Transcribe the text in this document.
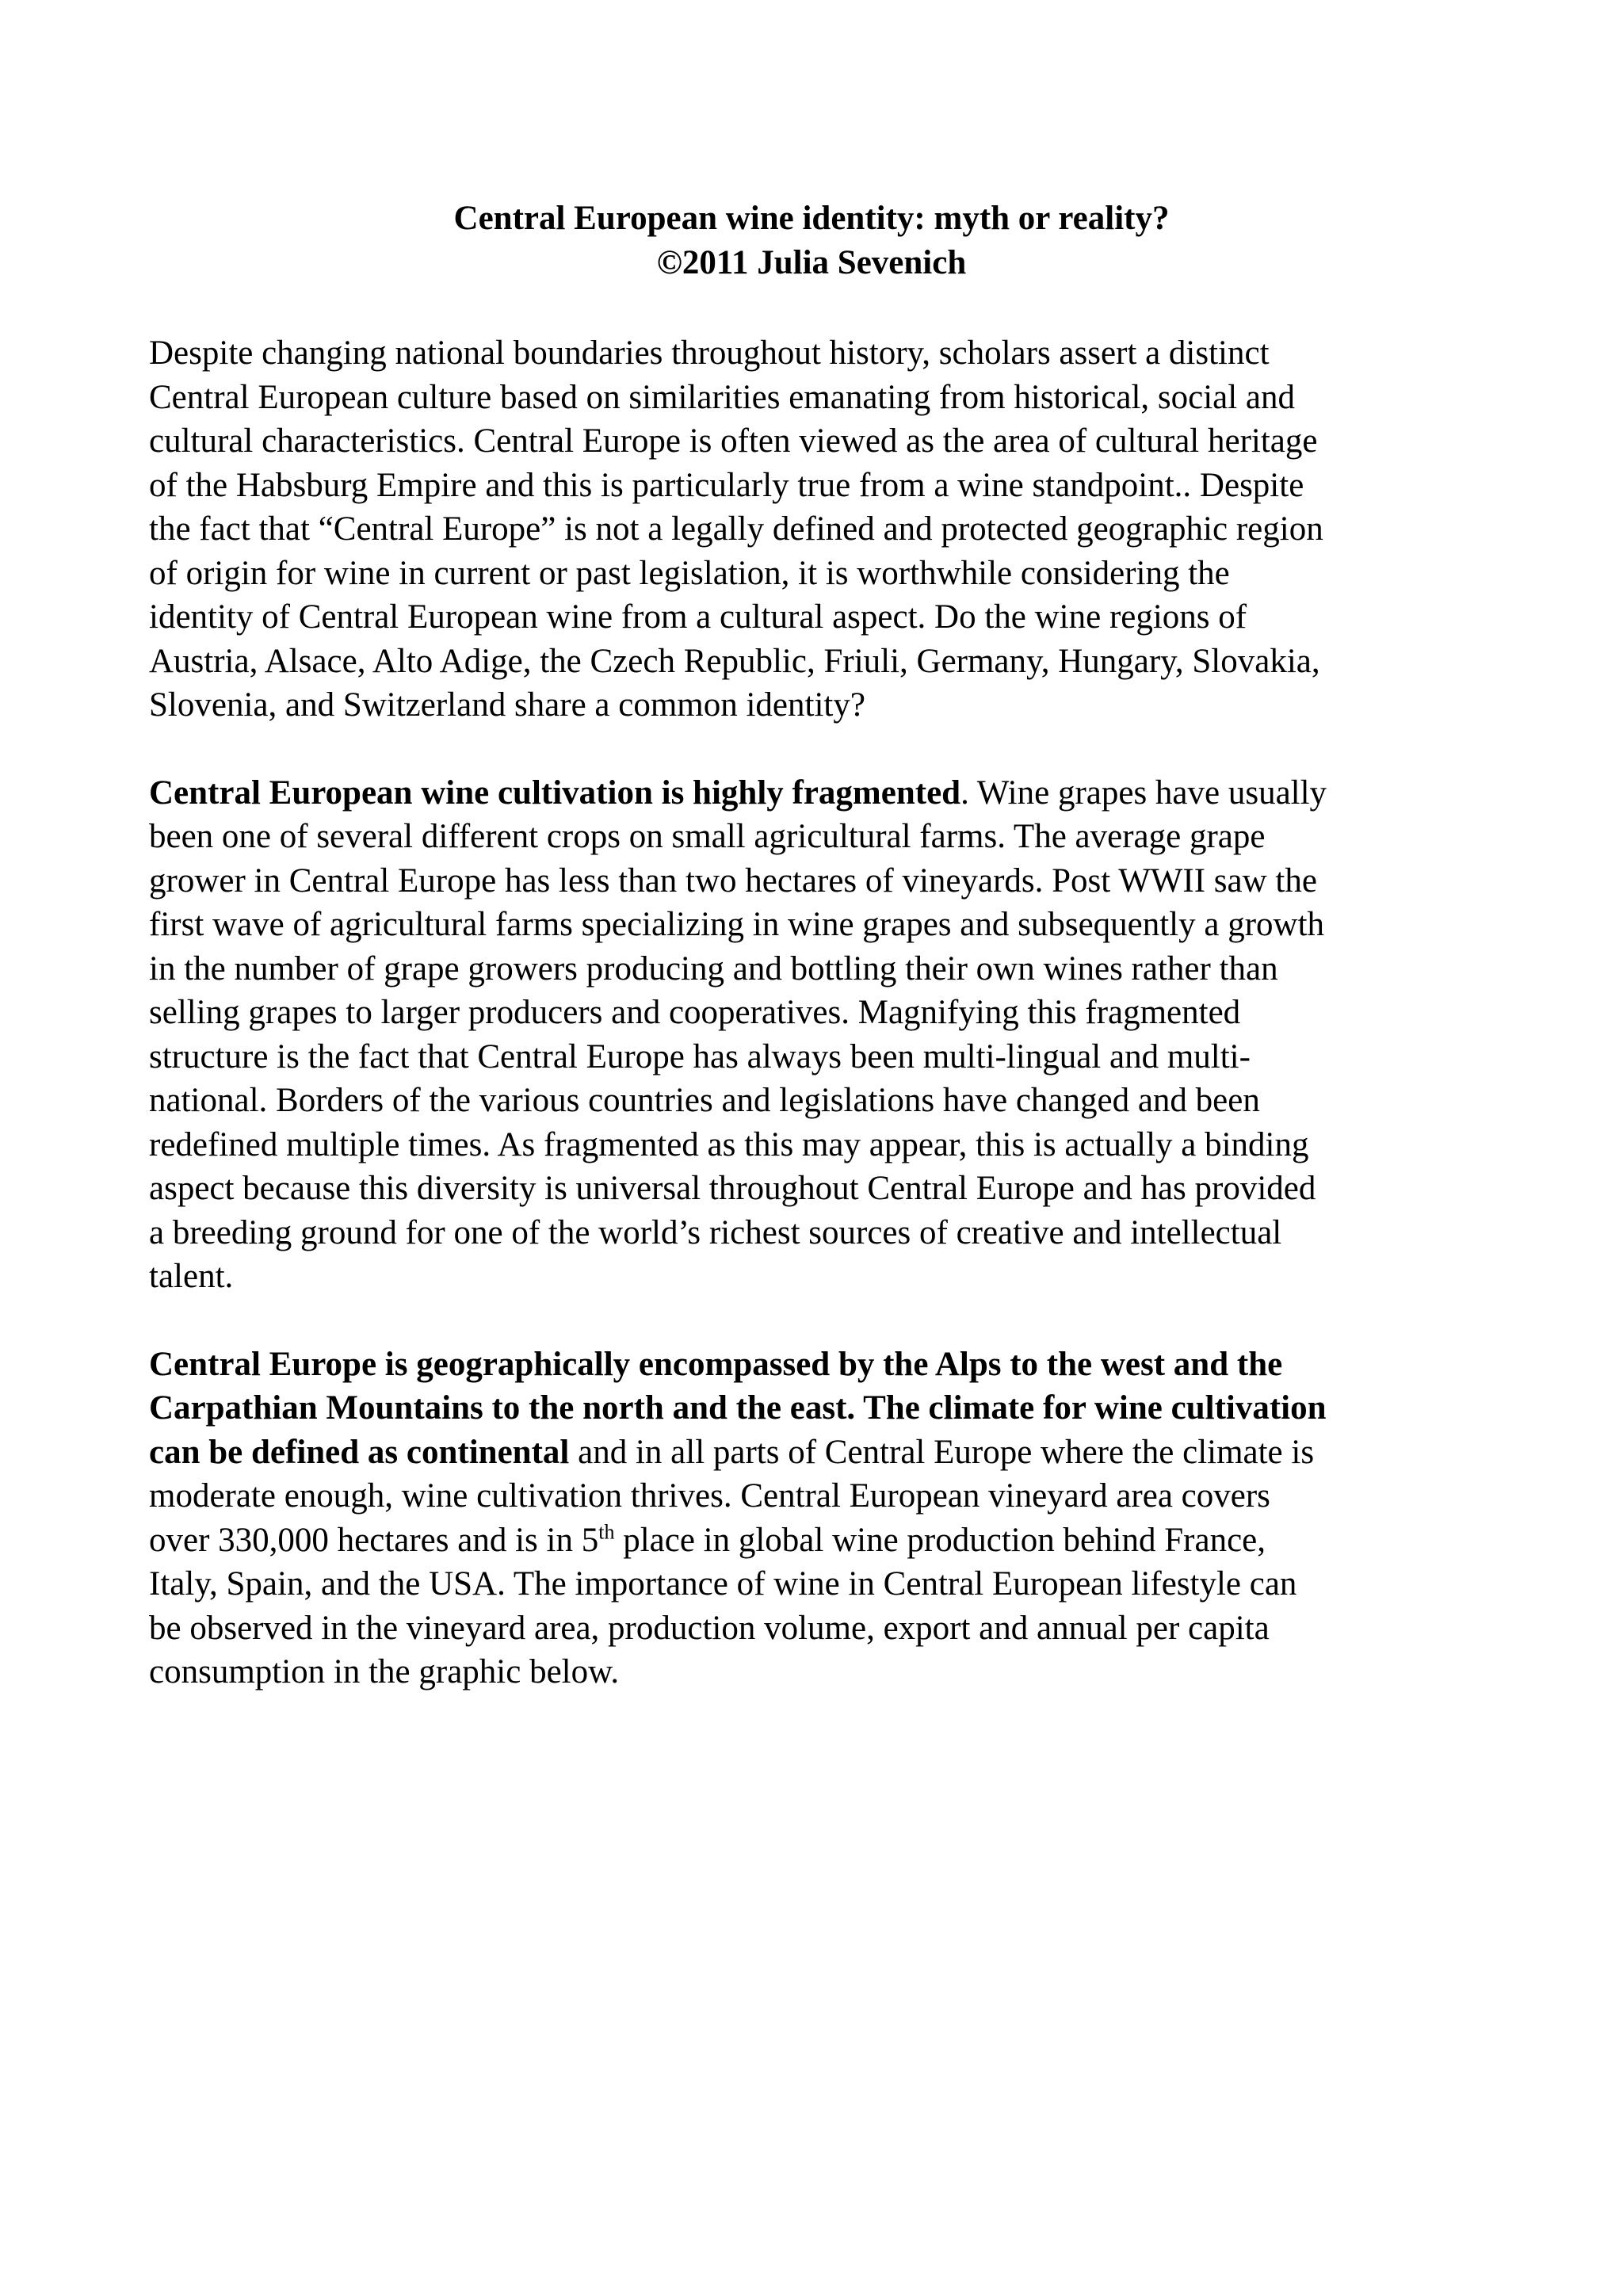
Central European wine identity: myth or reality?
©2011 Julia Sevenich

Despite changing national boundaries throughout history, scholars assert a distinct
Central European culture based on similarities emanating from historical, social and
cultural characteristics. Central Europe is often viewed as the area of cultural heritage
of the Habsburg Empire and this is particularly true from a wine standpoint.. Despite
the fact that “Central Europe” is not a legally defined and protected geographic region
of origin for wine in current or past legislation, it is worthwhile considering the
identity of Central European wine from a cultural aspect. Do the wine regions of
Austria, Alsace, Alto Adige, the Czech Republic, Friuli, Germany, Hungary, Slovakia,
Slovenia, and Switzerland share a common identity?

Central European wine cultivation is highly fragmented. Wine grapes have usually
been one of several different crops on small agricultural farms. The average grape
grower in Central Europe has less than two hectares of vineyards. Post WWII saw the
first wave of agricultural farms specializing in wine grapes and subsequently a growth
in the number of grape growers producing and bottling their own wines rather than
selling grapes to larger producers and cooperatives. Magnifying this fragmented
structure is the fact that Central Europe has always been multi-lingual and multi-
national. Borders of the various countries and legislations have changed and been
redefined multiple times. As fragmented as this may appear, this is actually a binding
aspect because this diversity is universal throughout Central Europe and has provided
a breeding ground for one of the world’s richest sources of creative and intellectual
talent.

Central Europe is geographically encompassed by the Alps to the west and the
Carpathian Mountains to the north and the east. The climate for wine cultivation
can be defined as continental and in all parts of Central Europe where the climate is
moderate enough, wine cultivation thrives. Central European vineyard area covers
over 330,000 hectares and is in 5th place in global wine production behind France,
Italy, Spain, and the USA. The importance of wine in Central European lifestyle can
be observed in the vineyard area, production volume, export and annual per capita
consumption in the graphic below.
